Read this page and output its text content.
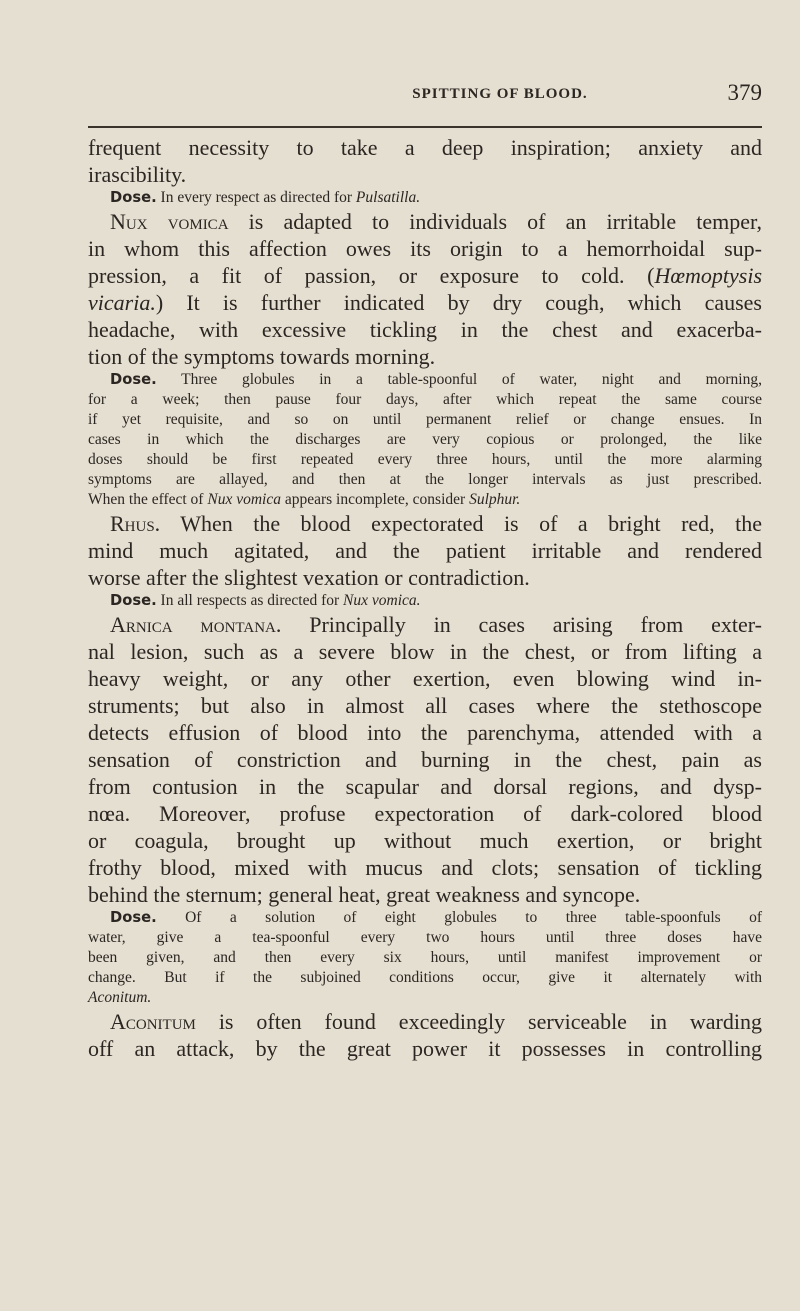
SPITTING OF BLOOD.	379
frequent necessity to take a deep inspiration; anxiety and
irascibility.
Dose. In every respect as directed for Pulsatilla.
Nux vomica is adapted to individuals of an irritable temper,
in whom this affection owes its origin to a hemorrhoidal sup-
pression, a fit of passion, or exposure to cold. (Hœmoptysis
vicaria.) It is further indicated by dry cough, which causes
headache, with excessive tickling in the chest and exacerba-
tion of the symptoms towards morning.
Dose. Three globules in a table-spoonful of water, night and morning,
for a week; then pause four days, after which repeat the same course
if yet requisite, and so on until permanent relief or change ensues. In
cases in which the discharges are very copious or prolonged, the like
doses should be first repeated every three hours, until the more alarming
symptoms are allayed, and then at the longer intervals as just prescribed.
When the effect of Nux vomica appears incomplete, consider Sulphur.
Rhus. When the blood expectorated is of a bright red, the
mind much agitated, and the patient irritable and rendered
worse after the slightest vexation or contradiction.
Dose. In all respects as directed for Nux vomica.
Arnica montana. Principally in cases arising from exter-
nal lesion, such as a severe blow in the chest, or from lifting a
heavy weight, or any other exertion, even blowing wind in-
struments; but also in almost all cases where the stethoscope
detects effusion of blood into the parenchyma, attended with a
sensation of constriction and burning in the chest, pain as
from contusion in the scapular and dorsal regions, and dysp-
nœa. Moreover, profuse expectoration of dark-colored blood
or coagula, brought up without much exertion, or bright
frothy blood, mixed with mucus and clots; sensation of tickling
behind the sternum; general heat, great weakness and syncope.
Dose. Of a solution of eight globules to three table-spoonfuls of
water, give a tea-spoonful every two hours until three doses have
been given, and then every six hours, until manifest improvement or
change. But if the subjoined conditions occur, give it alternately with
Aconitum.
Aconitum is often found exceedingly serviceable in warding
off an attack, by the great power it possesses in controlling
